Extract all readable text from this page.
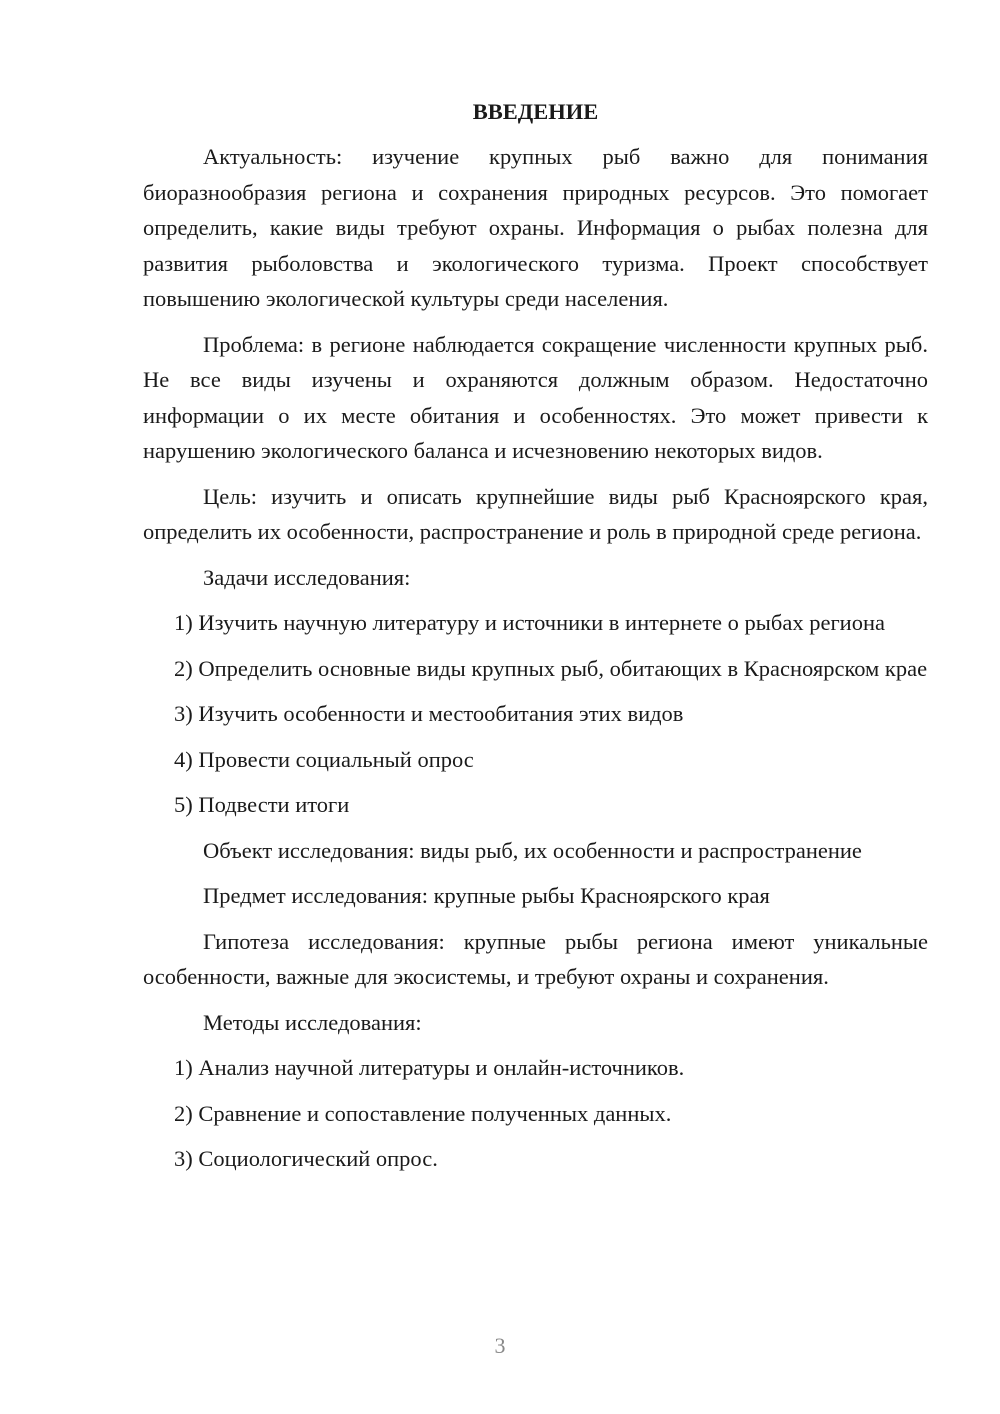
ВВЕДЕНИЕ

Актуальность: изучение крупных рыб важно для понимания биоразнообразия региона и сохранения природных ресурсов. Это помогает определить, какие виды требуют охраны. Информация о рыбах полезна для развития рыболовства и экологического туризма. Проект способствует повышению экологической культуры среди населения.

Проблема: в регионе наблюдается сокращение численности крупных рыб. Не все виды изучены и охраняются должным образом. Недостаточно информации о их месте обитания и особенностях. Это может привести к нарушению экологического баланса и исчезновению некоторых видов.

Цель: изучить и описать крупнейшие виды рыб Красноярского края, определить их особенности, распространение и роль в природной среде региона.

Задачи исследования:

1) Изучить научную литературу и источники в интернете о рыбах региона

2) Определить основные виды крупных рыб, обитающих в Красноярском крае

3) Изучить особенности и местообитания этих видов

4) Провести социальный опрос

5) Подвести итоги

Объект исследования: виды рыб, их особенности и распространение

Предмет исследования: крупные рыбы Красноярского края

Гипотеза исследования: крупные рыбы региона имеют уникальные особенности, важные для экосистемы, и требуют охраны и сохранения.

Методы исследования:

1) Анализ научной литературы и онлайн-источников.

2) Сравнение и сопоставление полученных данных.

3) Социологический опрос.

3
